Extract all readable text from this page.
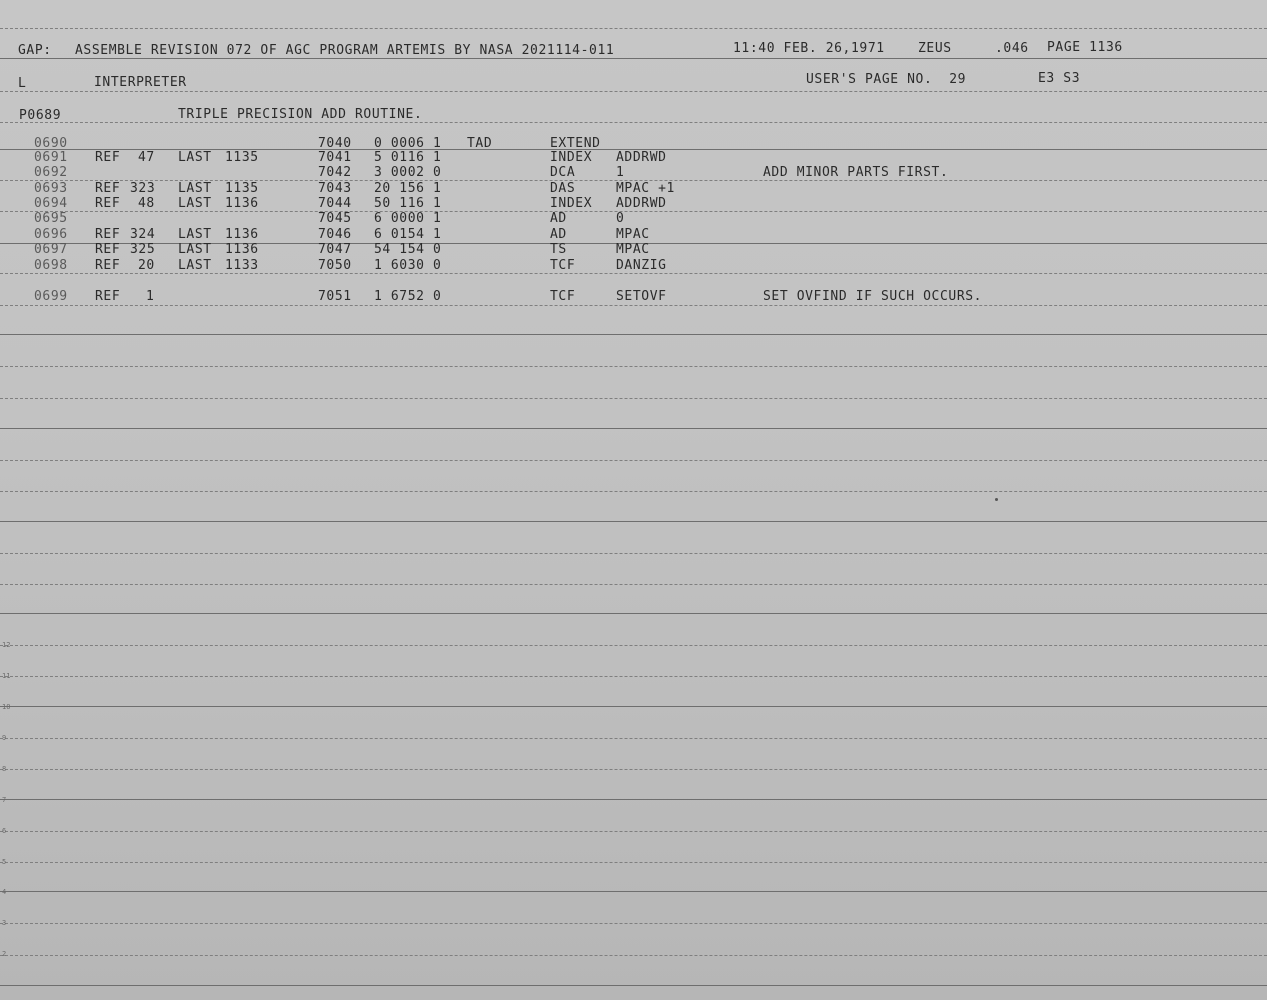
12
11
10
9
8
7
6
5
4
3
2
GAP: ASSEMBLE REVISION 072 OF AGC PROGRAM ARTEMIS BY NASA 2021114-011	11:40 FEB. 26,1971	ZEUS	.046 PAGE 1136
L	INTERPRETER	USER'S PAGE NO.  29	E3 S3
P0689	TRIPLE PRECISION ADD ROUTINE.
0690	7040 0 0006 1 TAD	EXTEND
0691 REF 47 LAST 1135	7041 5 0116 1	INDEX ADDRWD
0692	7042 3 0002 0	DCA	1	ADD MINOR PARTS FIRST.
0693 REF 323 LAST 1135	7043 20 156 1	DAS	MPAC +1
0694 REF 48 LAST 1136	7044 50 116 1	INDEX ADDRWD
0695	7045 6 0000 1	AD	0
0696 REF 324 LAST 1136	7046 6 0154 1	AD	MPAC
0697 REF 325 LAST 1136	7047 54 154 0	TS	MPAC
0698 REF 20 LAST 1133	7050 1 6030 0	TCF	DANZIG
0699 REF 1	7051 1 6752 0	TCF	SETOVF	SET OVFIND IF SUCH OCCURS.
